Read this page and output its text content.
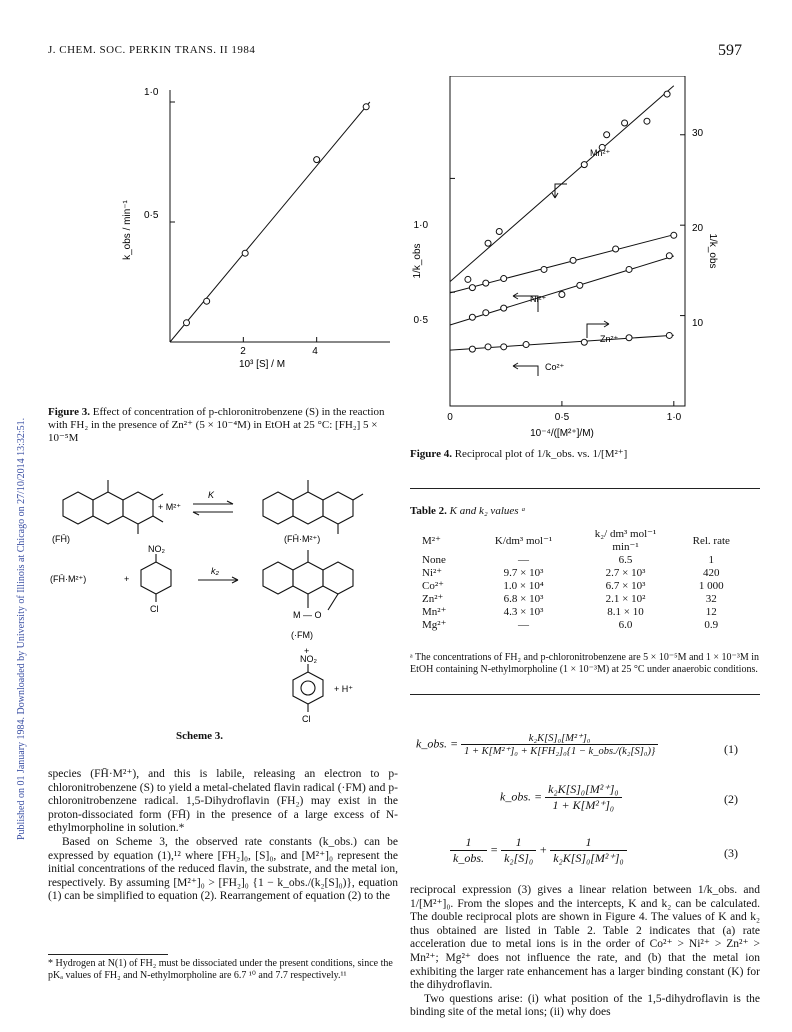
J. CHEM. SOC. PERKIN TRANS. II 1984	597
Published on 01 January 1984. Downloaded by University of Illinois at Chicago on 27/10/2014 13:32:51.
1·0
0·5
k_obs / min⁻¹
2	4
10³ [S] / M
Figure 3. Effect of concentration of p-chloronitrobenzene (S) in the reaction with FH₂ in the presence of Zn²⁺ (5 × 10⁻⁴M) in EtOH at 25 °C: [FH₂] 5 × 10⁻⁵M
1·0
0·5
30
20
10
1/k_obs	1/k_obs
0	0·5	1·0
10⁻⁴/([M²⁺]/M)
Mn²⁺
Ni²⁺
Zn²⁺
Co²⁺
Figure 4. Reciprocal plot of 1/k_obs. vs. 1/[M²⁺]
(FH̄)
+ M²⁺
K
(FH̄·M²⁺)
(FH̄·M²⁺)	+
NO₂
Cl
k₂
M — O
(·FM)
+
NO₂
Cl
+ H⁺
Scheme 3.
Table 2. K and k₂ values ᵃ
M²⁺	K/dm³ mol⁻¹	k₂/ dm³ mol⁻¹ min⁻¹	Rel. rate
None	—	6.5	1
Ni²⁺	9.7 × 10³	2.7 × 10³	420
Co²⁺	1.0 × 10⁴	6.7 × 10³	1 000
Zn²⁺	6.8 × 10³	2.1 × 10²	32
Mn²⁺	4.3 × 10³	8.1 × 10	12
Mg²⁺	—	6.0	0.9
ᵃ The concentrations of FH₂ and p-chloronitrobenzene are 5 × 10⁻⁵M and 1 × 10⁻³M in EtOH containing N-ethylmorpholine (1 × 10⁻³M) at 25 °C under anaerobic conditions.
k_obs. = $\frac{\text{k₂K[S]₀[M²⁺]₀}}{\text{1 + K[M²⁺]₀ + K[FH₂]₀\{1 − k\_obs./(k₂[S]₀)\}}}$	(1)
k_obs. = $\frac{\text{k₂K[S]₀[M²⁺]₀}}{\text{1 + K[M²⁺]₀}}$	(2)
$\frac{1}{\text{k\_obs.}} = \frac{1}{\text{k₂[S]₀}} + \frac{1}{\text{k₂K[S]₀[M²⁺]₀}}$	(3)

species (FH̄·M²⁺), and this is labile, releasing an electron to p-chloronitrobenzene (S) to yield a metal-chelated flavin radical (·FM) and p-chloronitrobenzene radical. 1,5-Dihydroflavin (FH₂) may exist in the proton-dissociated form (FH̄) in the presence of a large excess of N-ethylmorpholine in solution.*

Based on Scheme 3, the observed rate constants (k_obs.) can be expressed by equation (1),¹² where [FH₂]₀, [S]₀, and [M²⁺]₀ represent the initial concentrations of the reduced flavin, the substrate, and the metal ion, respectively. By assuming [M²⁺]₀ > [FH₂]₀ {1 − k_obs./(k₂[S]₀)}, equation (1) can be simplified to equation (2). Rearrangement of equation (2) to the

* Hydrogen at N(1) of FH₂ must be dissociated under the present conditions, since the pKₐ values of FH₂ and N-ethylmorpholine are 6.7 ¹⁰ and 7.7 respectively.¹¹

reciprocal expression (3) gives a linear relation between 1/k_obs. and 1/[M²⁺]₀. From the slopes and the intercepts, K and k₂ can be calculated. The double reciprocal plots are shown in Figure 4. The values of K and k₂ thus obtained are listed in Table 2. Table 2 indicates that (a) rate acceleration due to metal ions is in the order of Co²⁺ > Ni²⁺ > Zn²⁺ > Mn²⁺; Mg²⁺ does not influence the rate, and (b) that the metal ion exhibiting the larger rate enhancement has a larger binding constant (K) for the dihydroflavin.

Two questions arise: (i) what position of the 1,5-dihydroflavin is the binding site of the metal ions; (ii) why does
